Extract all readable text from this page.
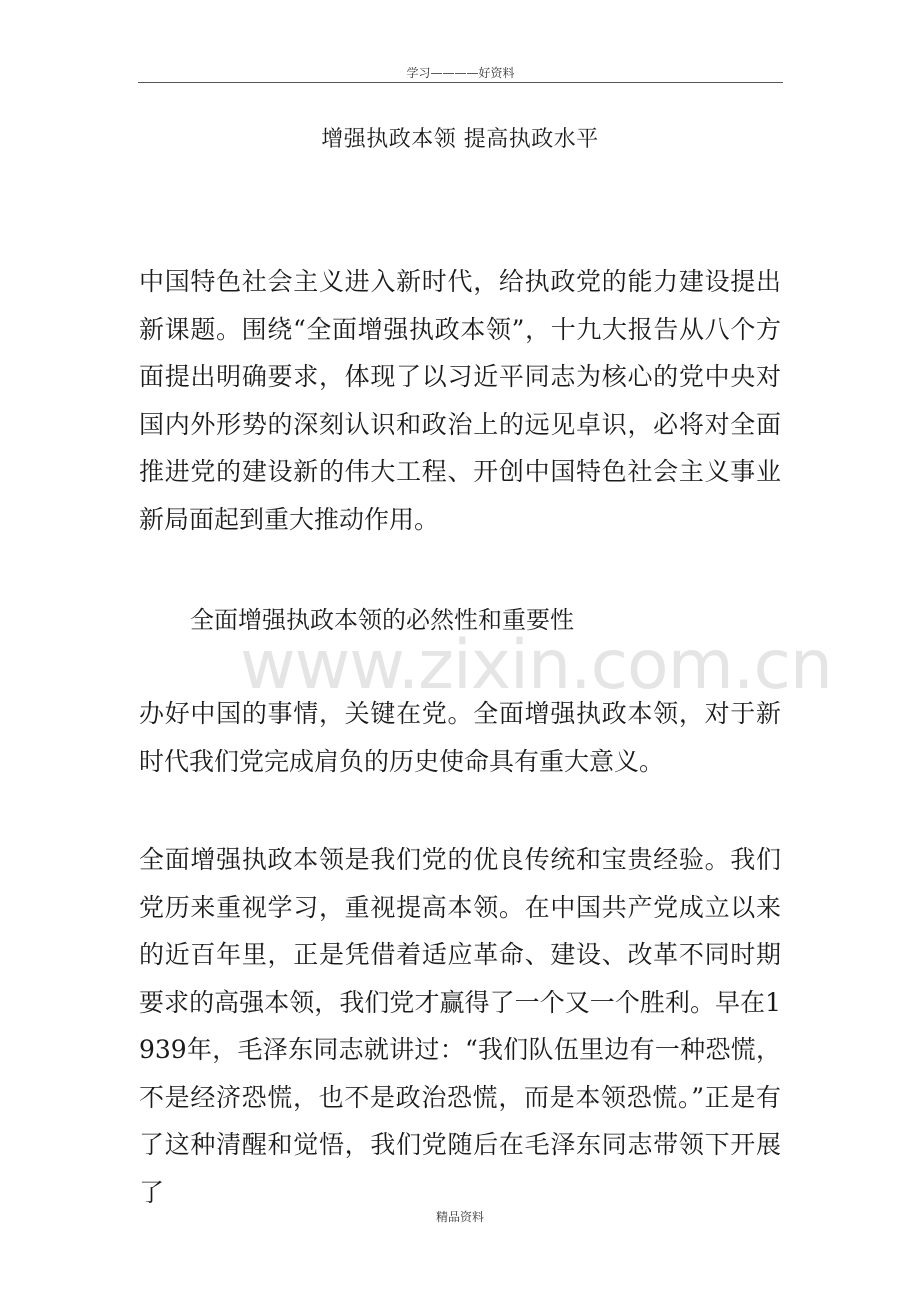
学习————好资料
增强执政本领 提高执政水平
www.zixin.com.cn

中国特色社会主义进入新时代，给执政党的能力建设提出新课题。围绕“全面增强执政本领”，十九大报告从八个方面提出明确要求，体现了以习近平同志为核心的党中央对国内外形势的深刻认识和政治上的远见卓识，必将对全面推进党的建设新的伟大工程、开创中国特色社会主义事业新局面起到重大推动作用。

全面增强执政本领的必然性和重要性

办好中国的事情，关键在党。全面增强执政本领，对于新时代我们党完成肩负的历史使命具有重大意义。

全面增强执政本领是我们党的优良传统和宝贵经验。我们党历来重视学习，重视提高本领。在中国共产党成立以来的近百年里，正是凭借着适应革命、建设、改革不同时期要求的高强本领，我们党才赢得了一个又一个胜利。早在1939年，毛泽东同志就讲过：“我们队伍里边有一种恐慌，不是经济恐慌，也不是政治恐慌，而是本领恐慌。”正是有了这种清醒和觉悟，我们党随后在毛泽东同志带领下开展了

精品资料
